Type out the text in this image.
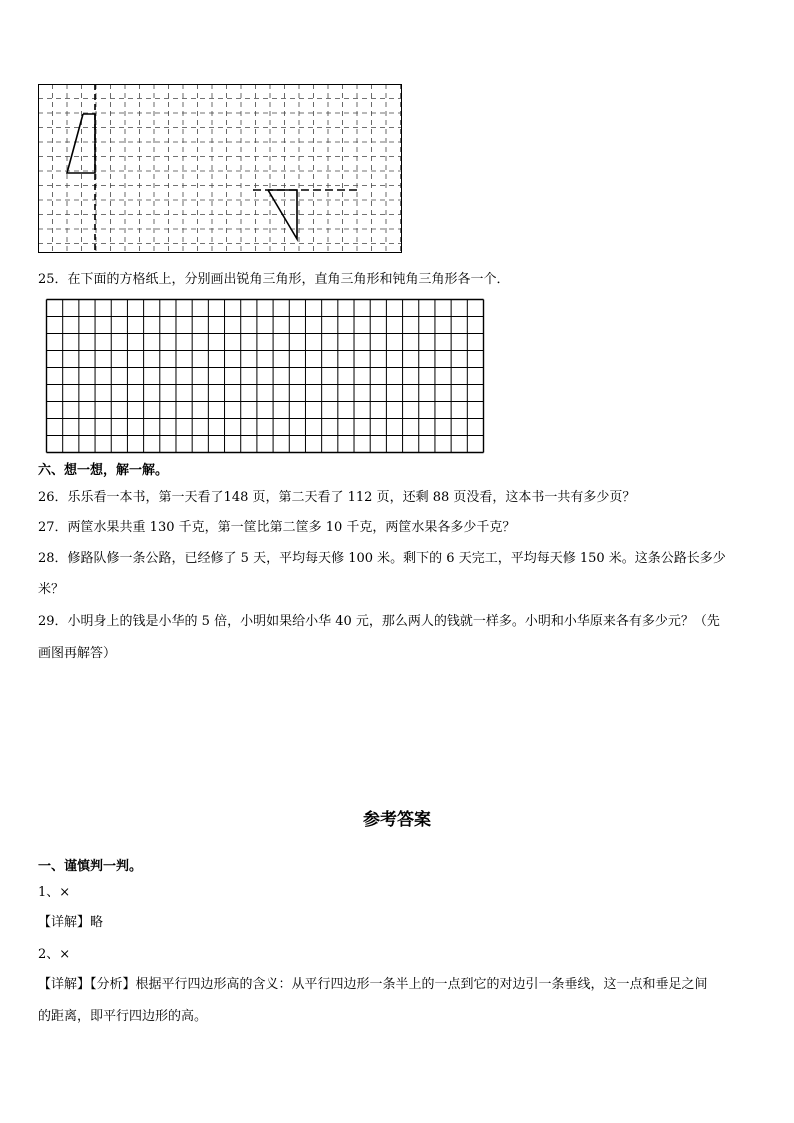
25．在下面的方格纸上，分别画出锐角三角形，直角三角形和钝角三角形各一个．
六、想一想，解一解。
26．乐乐看一本书，第一天看了148 页，第二天看了 112 页，还剩 88 页没看，这本书一共有多少页？
27．两筐水果共重 130 千克，第一筐比第二筐多 10 千克，两筐水果各多少千克？
28．修路队修一条公路，已经修了 5 天，平均每天修 100 米。剩下的 6 天完工，平均每天修 150 米。这条公路长多少
米？
29．小明身上的钱是小华的 5 倍，小明如果给小华 40 元，那么两人的钱就一样多。小明和小华原来各有多少元？（先
画图再解答）
参考答案
一、谨慎判一判。
1、×
【详解】略
2、×
【详解】【分析】根据平行四边形高的含义：从平行四边形一条半上的一点到它的对边引一条垂线，这一点和垂足之间
的距离，即平行四边形的高。
